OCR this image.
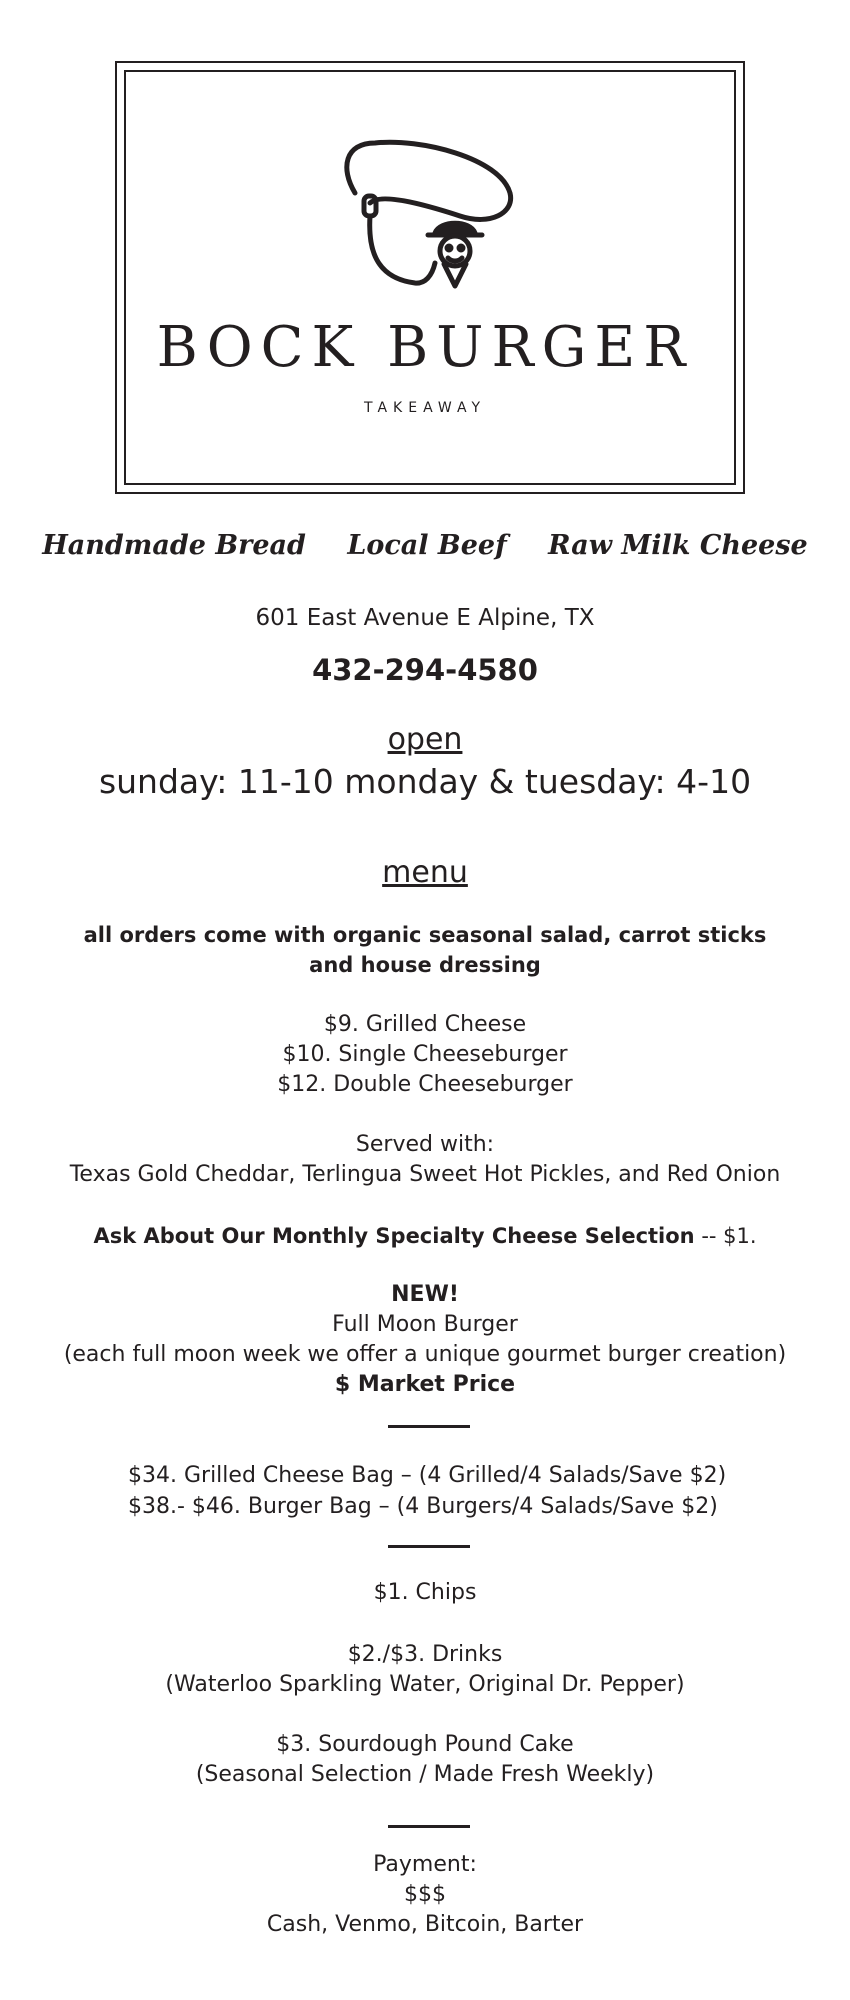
BOCK BURGER
TAKEAWAY
Handmade Bread Local Beef Raw Milk Cheese
601 East Avenue E Alpine, TX
432-294-4580
open
sunday: 11-10 monday & tuesday: 4-10
menu
all orders come with organic seasonal salad, carrot sticks
and house dressing
$9. Grilled Cheese
$10. Single Cheeseburger
$12. Double Cheeseburger
Served with:
Texas Gold Cheddar, Terlingua Sweet Hot Pickles, and Red Onion
Ask About Our Monthly Specialty Cheese Selection -- $1.
NEW!
Full Moon Burger
(each full moon week we offer a unique gourmet burger creation)
$ Market Price
$34. Grilled Cheese Bag – (4 Grilled/4 Salads/Save $2)
$38.- $46. Burger Bag – (4 Burgers/4 Salads/Save $2)
$1. Chips
$2./$3. Drinks
(Waterloo Sparkling Water, Original Dr. Pepper)
$3. Sourdough Pound Cake
(Seasonal Selection / Made Fresh Weekly)
Payment:
$$$
Cash, Venmo, Bitcoin, Barter
